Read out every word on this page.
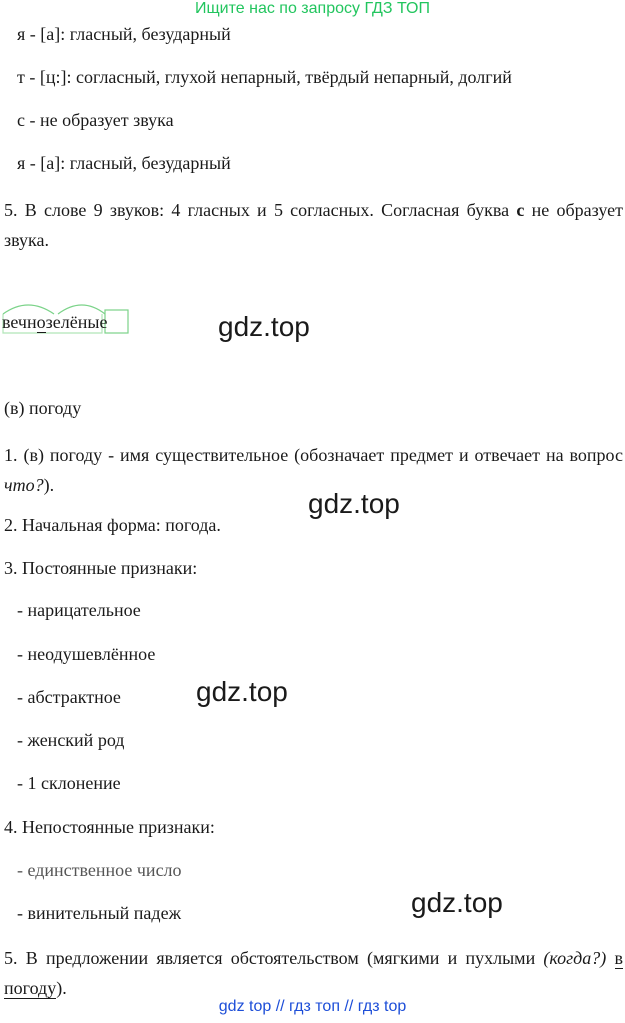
Ищите нас по запросу ГДЗ ТОП
я - [а]: гласный, безударный
т - [ц:]: согласный, глухой непарный, твёрдый непарный, долгий
с - не образует звука
я - [а]: гласный, безударный
5. В слове 9 звуков: 4 гласных и 5 согласных. Согласная буква с не образует звука.
вечнозелёные	gdz.top
(в) погоду
1. (в) погоду - имя существительное (обозначает предмет и отвечает на вопрос что?).
gdz.top
2. Начальная форма: погода.
3. Постоянные признаки:
- нарицательное
- неодушевлённое
- абстрактное
- женский род
- 1 склонение
gdz.top
4. Непостоянные признаки:
- единственное число
- винительный падеж	gdz.top
5. В предложении является обстоятельством (мягкими и пухлыми (когда?) в погоду).
gdz top // гдз топ // гдз top
